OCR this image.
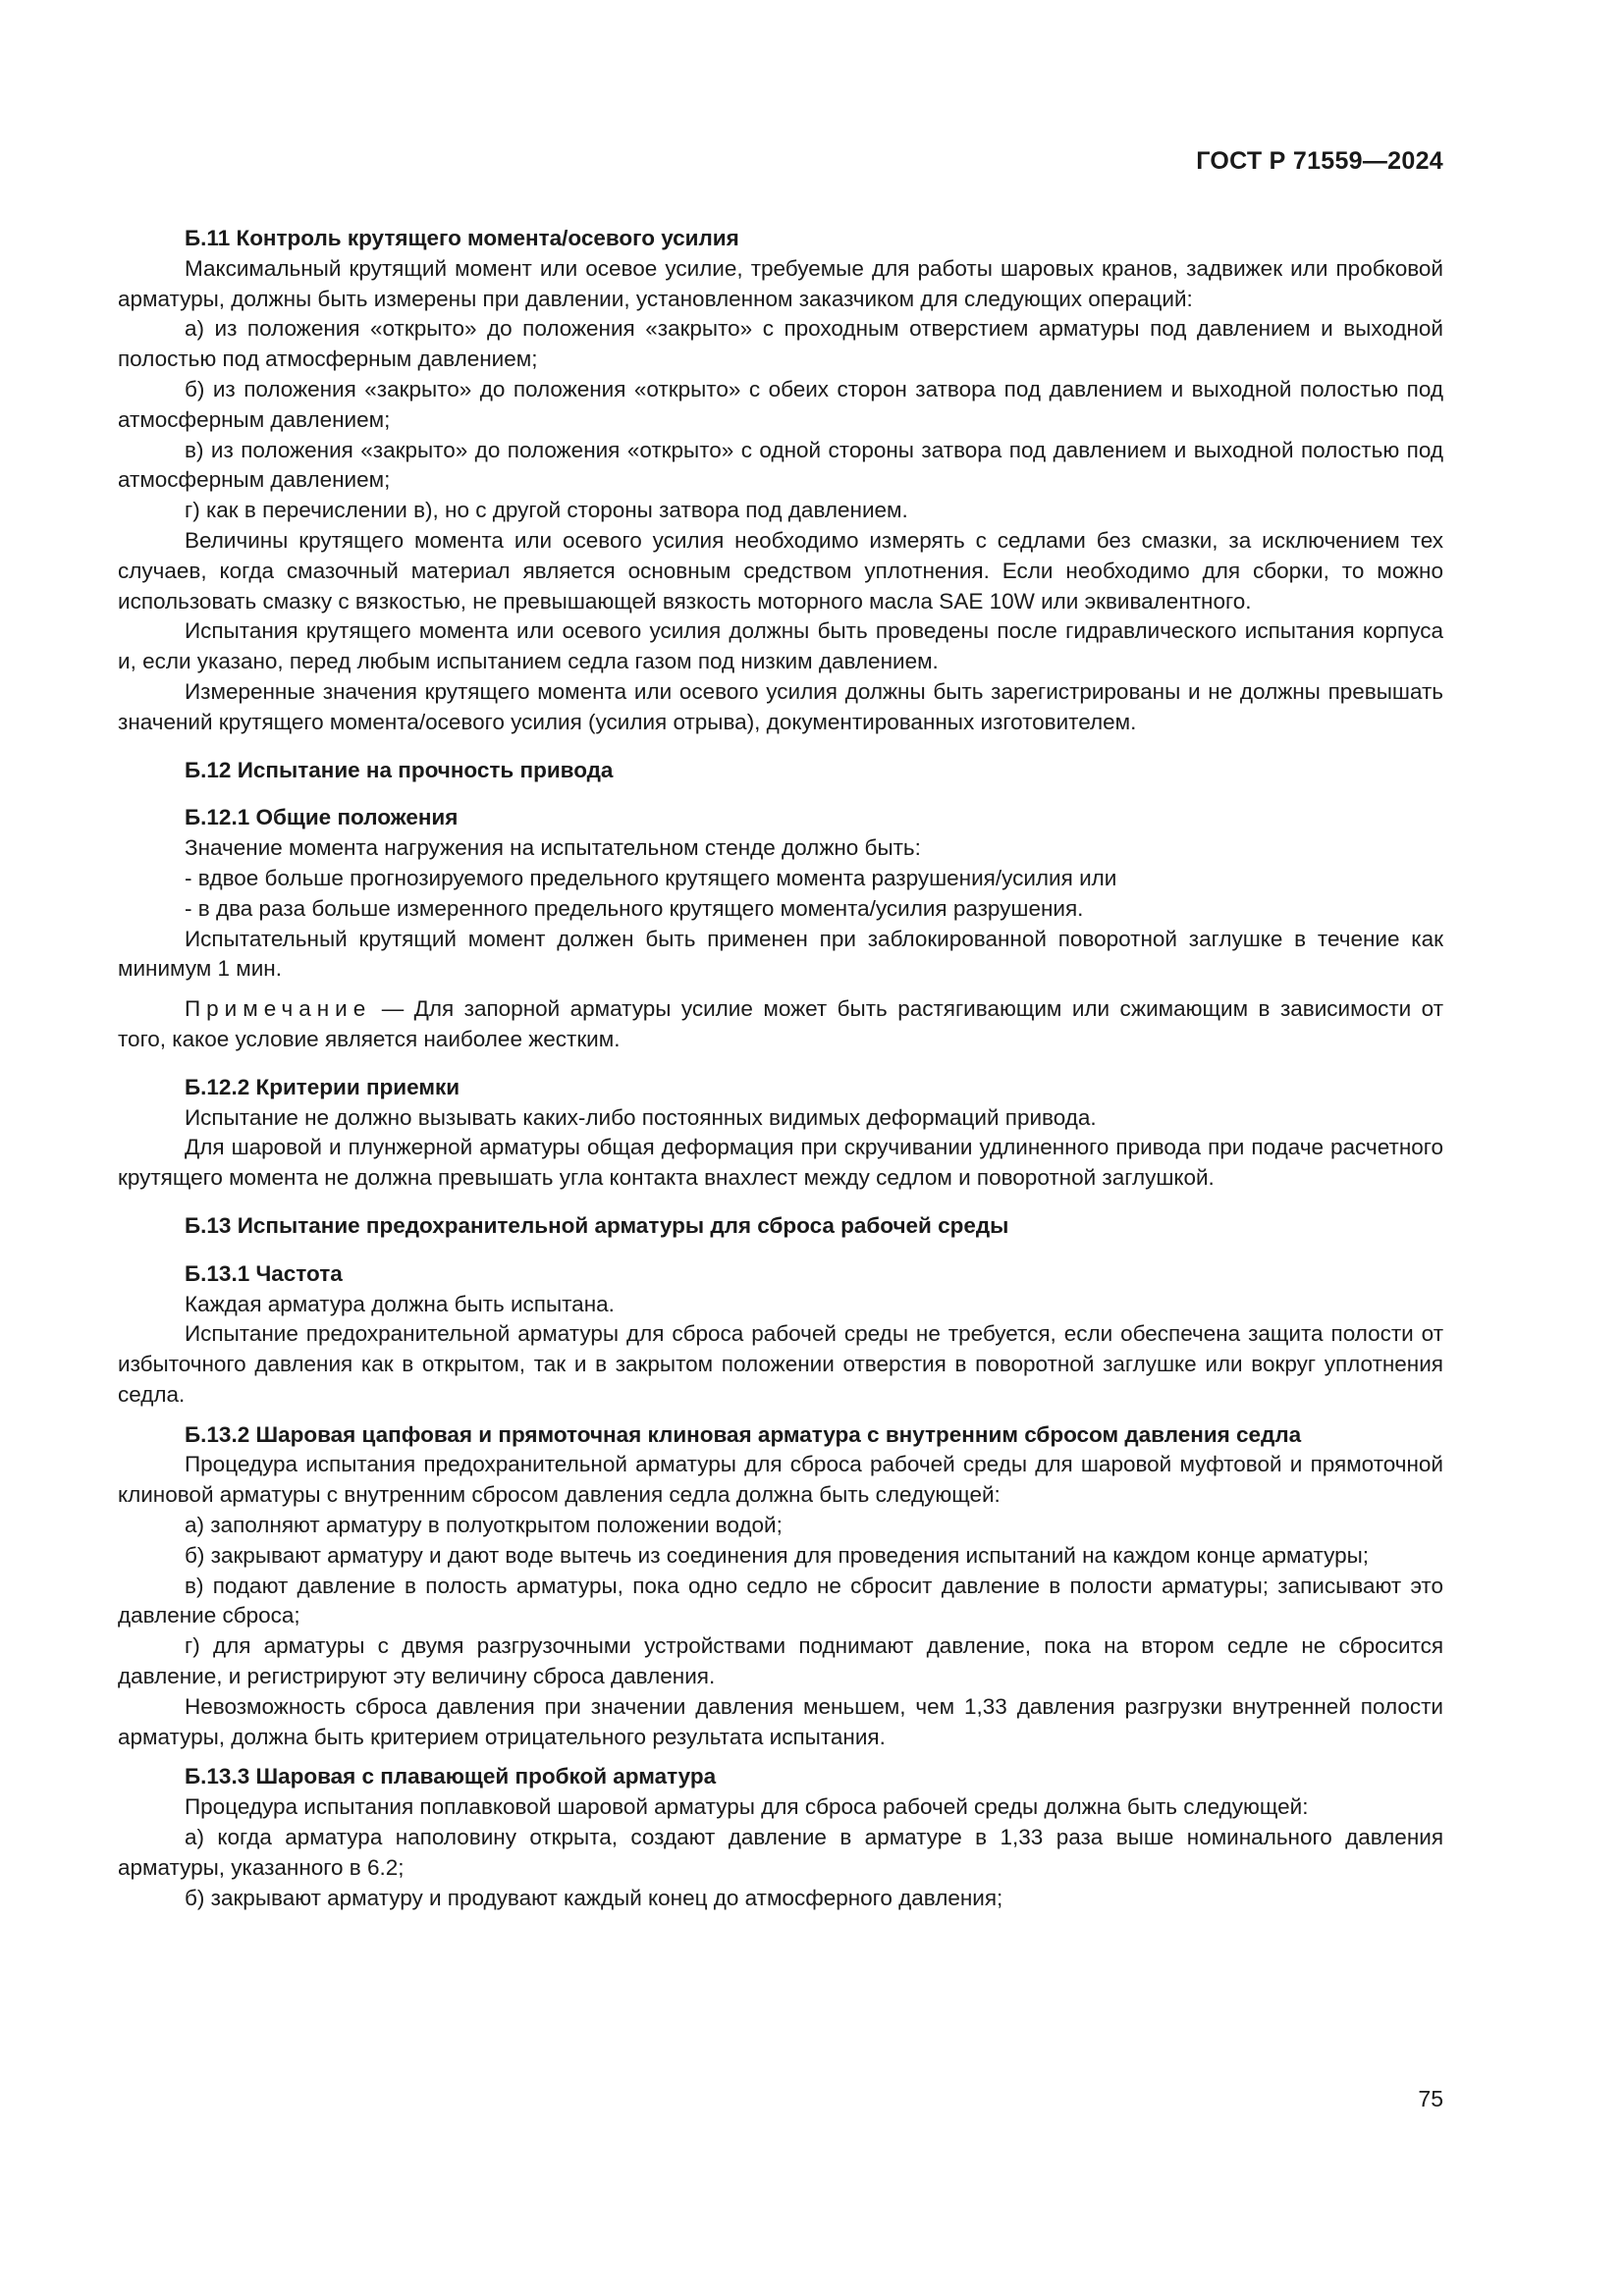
ГОСТ Р 71559—2024
Б.11 Контроль крутящего момента/осевого усилия

Максимальный крутящий момент или осевое усилие, требуемые для работы шаровых кранов, задвижек или пробковой арматуры, должны быть измерены при давлении, установленном заказчиком для следующих операций:

а) из положения «открыто» до положения «закрыто» с проходным отверстием арматуры под давлением и выходной полостью под атмосферным давлением;

б) из положения «закрыто» до положения «открыто» с обеих сторон затвора под давлением и выходной полостью под атмосферным давлением;

в) из положения «закрыто» до положения «открыто» с одной стороны затвора под давлением и выходной полостью под атмосферным давлением;

г) как в перечислении в), но с другой стороны затвора под давлением.

Величины крутящего момента или осевого усилия необходимо измерять с седлами без смазки, за исключением тех случаев, когда смазочный материал является основным средством уплотнения. Если необходимо для сборки, то можно использовать смазку с вязкостью, не превышающей вязкость моторного масла SAE 10W или эквивалентного.

Испытания крутящего момента или осевого усилия должны быть проведены после гидравлического испытания корпуса и, если указано, перед любым испытанием седла газом под низким давлением.

Измеренные значения крутящего момента или осевого усилия должны быть зарегистрированы и не должны превышать значений крутящего момента/осевого усилия (усилия отрыва), документированных изготовителем.

Б.12 Испытание на прочность привода
Б.12.1 Общие положения

Значение момента нагружения на испытательном стенде должно быть:

- вдвое больше прогнозируемого предельного крутящего момента разрушения/усилия или

- в два раза больше измеренного предельного крутящего момента/усилия разрушения.

Испытательный крутящий момент должен быть применен при заблокированной поворотной заглушке в течение как минимум 1 мин.

Примечание — Для запорной арматуры усилие может быть растягивающим или сжимающим в зависимости от того, какое условие является наиболее жестким.

Б.12.2 Критерии приемки

Испытание не должно вызывать каких-либо постоянных видимых деформаций привода.

Для шаровой и плунжерной арматуры общая деформация при скручивании удлиненного привода при подаче расчетного крутящего момента не должна превышать угла контакта внахлест между седлом и поворотной заглушкой.

Б.13 Испытание предохранительной арматуры для сброса рабочей среды
Б.13.1 Частота

Каждая арматура должна быть испытана.

Испытание предохранительной арматуры для сброса рабочей среды не требуется, если обеспечена защита полости от избыточного давления как в открытом, так и в закрытом положении отверстия в поворотной заглушке или вокруг уплотнения седла.

Б.13.2 Шаровая цапфовая и прямоточная клиновая арматура с внутренним сбросом давления седла

Процедура испытания предохранительной арматуры для сброса рабочей среды для шаровой муфтовой и прямоточной клиновой арматуры с внутренним сбросом давления седла должна быть следующей:

а) заполняют арматуру в полуоткрытом положении водой;

б) закрывают арматуру и дают воде вытечь из соединения для проведения испытаний на каждом конце арматуры;

в) подают давление в полость арматуры, пока одно седло не сбросит давление в полости арматуры; записывают это давление сброса;

г) для арматуры с двумя разгрузочными устройствами поднимают давление, пока на втором седле не сбросится давление, и регистрируют эту величину сброса давления.

Невозможность сброса давления при значении давления меньшем, чем 1,33 давления разгрузки внутренней полости арматуры, должна быть критерием отрицательного результата испытания.

Б.13.3 Шаровая с плавающей пробкой арматура

Процедура испытания поплавковой шаровой арматуры для сброса рабочей среды должна быть следующей:

а) когда арматура наполовину открыта, создают давление в арматуре в 1,33 раза выше номинального давления арматуры, указанного в 6.2;

б) закрывают арматуру и продувают каждый конец до атмосферного давления;

75
